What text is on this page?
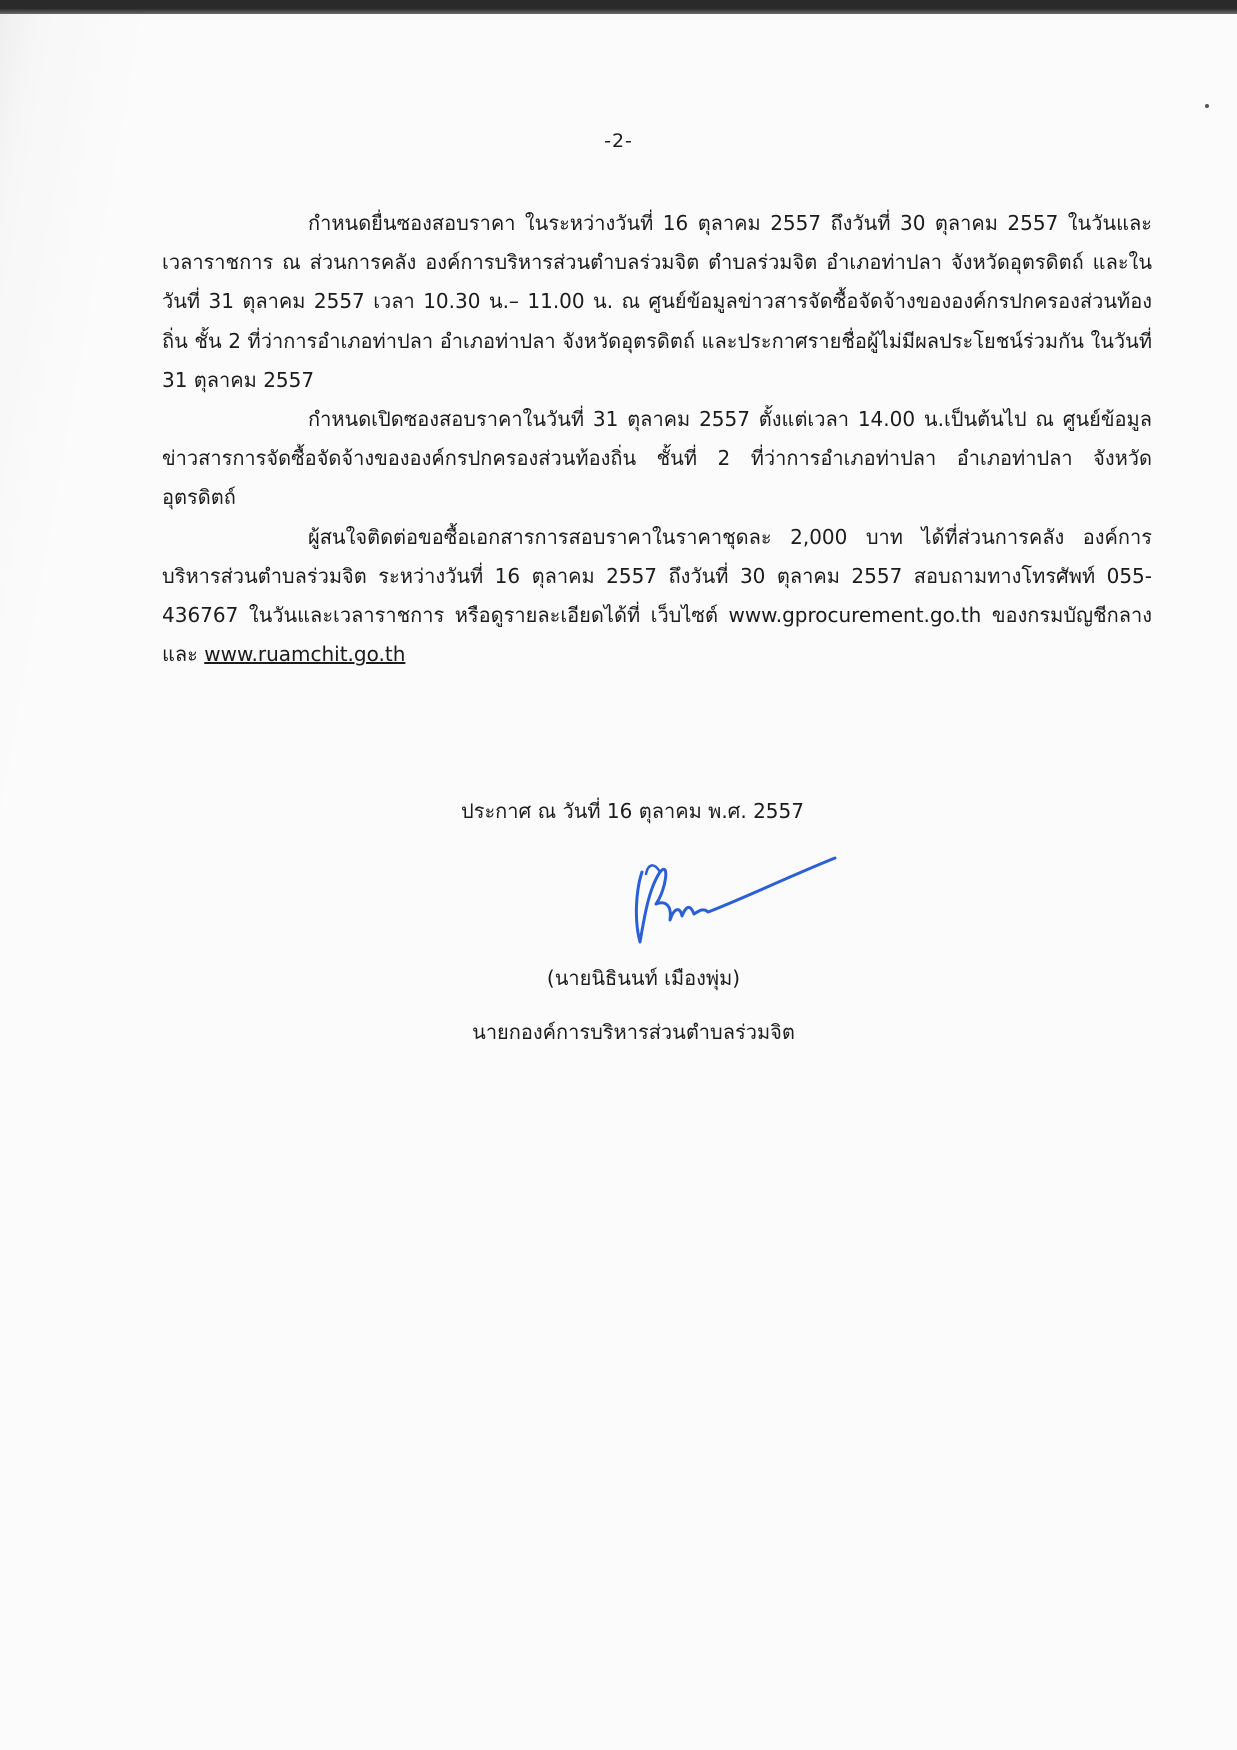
-2-

กำหนดยื่นซองสอบราคา ในระหว่างวันที่ 16 ตุลาคม 2557 ถึงวันที่ 30 ตุลาคม 2557 ในวันและเวลาราชการ ณ ส่วนการคลัง องค์การบริหารส่วนตำบลร่วมจิต ตำบลร่วมจิต อำเภอท่าปลา จังหวัดอุตรดิตถ์ และในวันที่ 31 ตุลาคม 2557 เวลา 10.30 น.– 11.00 น. ณ ศูนย์ข้อมูลข่าวสารจัดซื้อจัดจ้างขององค์กรปกครองส่วนท้องถิ่น ชั้น 2 ที่ว่าการอำเภอท่าปลา อำเภอท่าปลา จังหวัดอุตรดิตถ์ และประกาศรายชื่อผู้ไม่มีผลประโยชน์ร่วมกัน ในวันที่ 31 ตุลาคม 2557

กำหนดเปิดซองสอบราคาในวันที่ 31 ตุลาคม 2557 ตั้งแต่เวลา 14.00 น.เป็นต้นไป ณ ศูนย์ข้อมูลข่าวสารการจัดซื้อจัดจ้างขององค์กรปกครองส่วนท้องถิ่น ชั้นที่ 2 ที่ว่าการอำเภอท่าปลา อำเภอท่าปลา จังหวัดอุตรดิตถ์

ผู้สนใจติดต่อขอซื้อเอกสารการสอบราคาในราคาชุดละ 2,000 บาท ได้ที่ส่วนการคลัง องค์การบริหารส่วนตำบลร่วมจิต ระหว่างวันที่ 16 ตุลาคม 2557 ถึงวันที่ 30 ตุลาคม 2557 สอบถามทางโทรศัพท์ 055-436767 ในวันและเวลาราชการ หรือดูรายละเอียดได้ที่ เว็บไซต์ www.gprocurement.go.th ของกรมบัญชีกลาง และ www.ruamchit.go.th

ประกาศ ณ วันที่ 16 ตุลาคม พ.ศ. 2557
(นายนิธินนท์ เมืองพุ่ม)
นายกองค์การบริหารส่วนตำบลร่วมจิต
